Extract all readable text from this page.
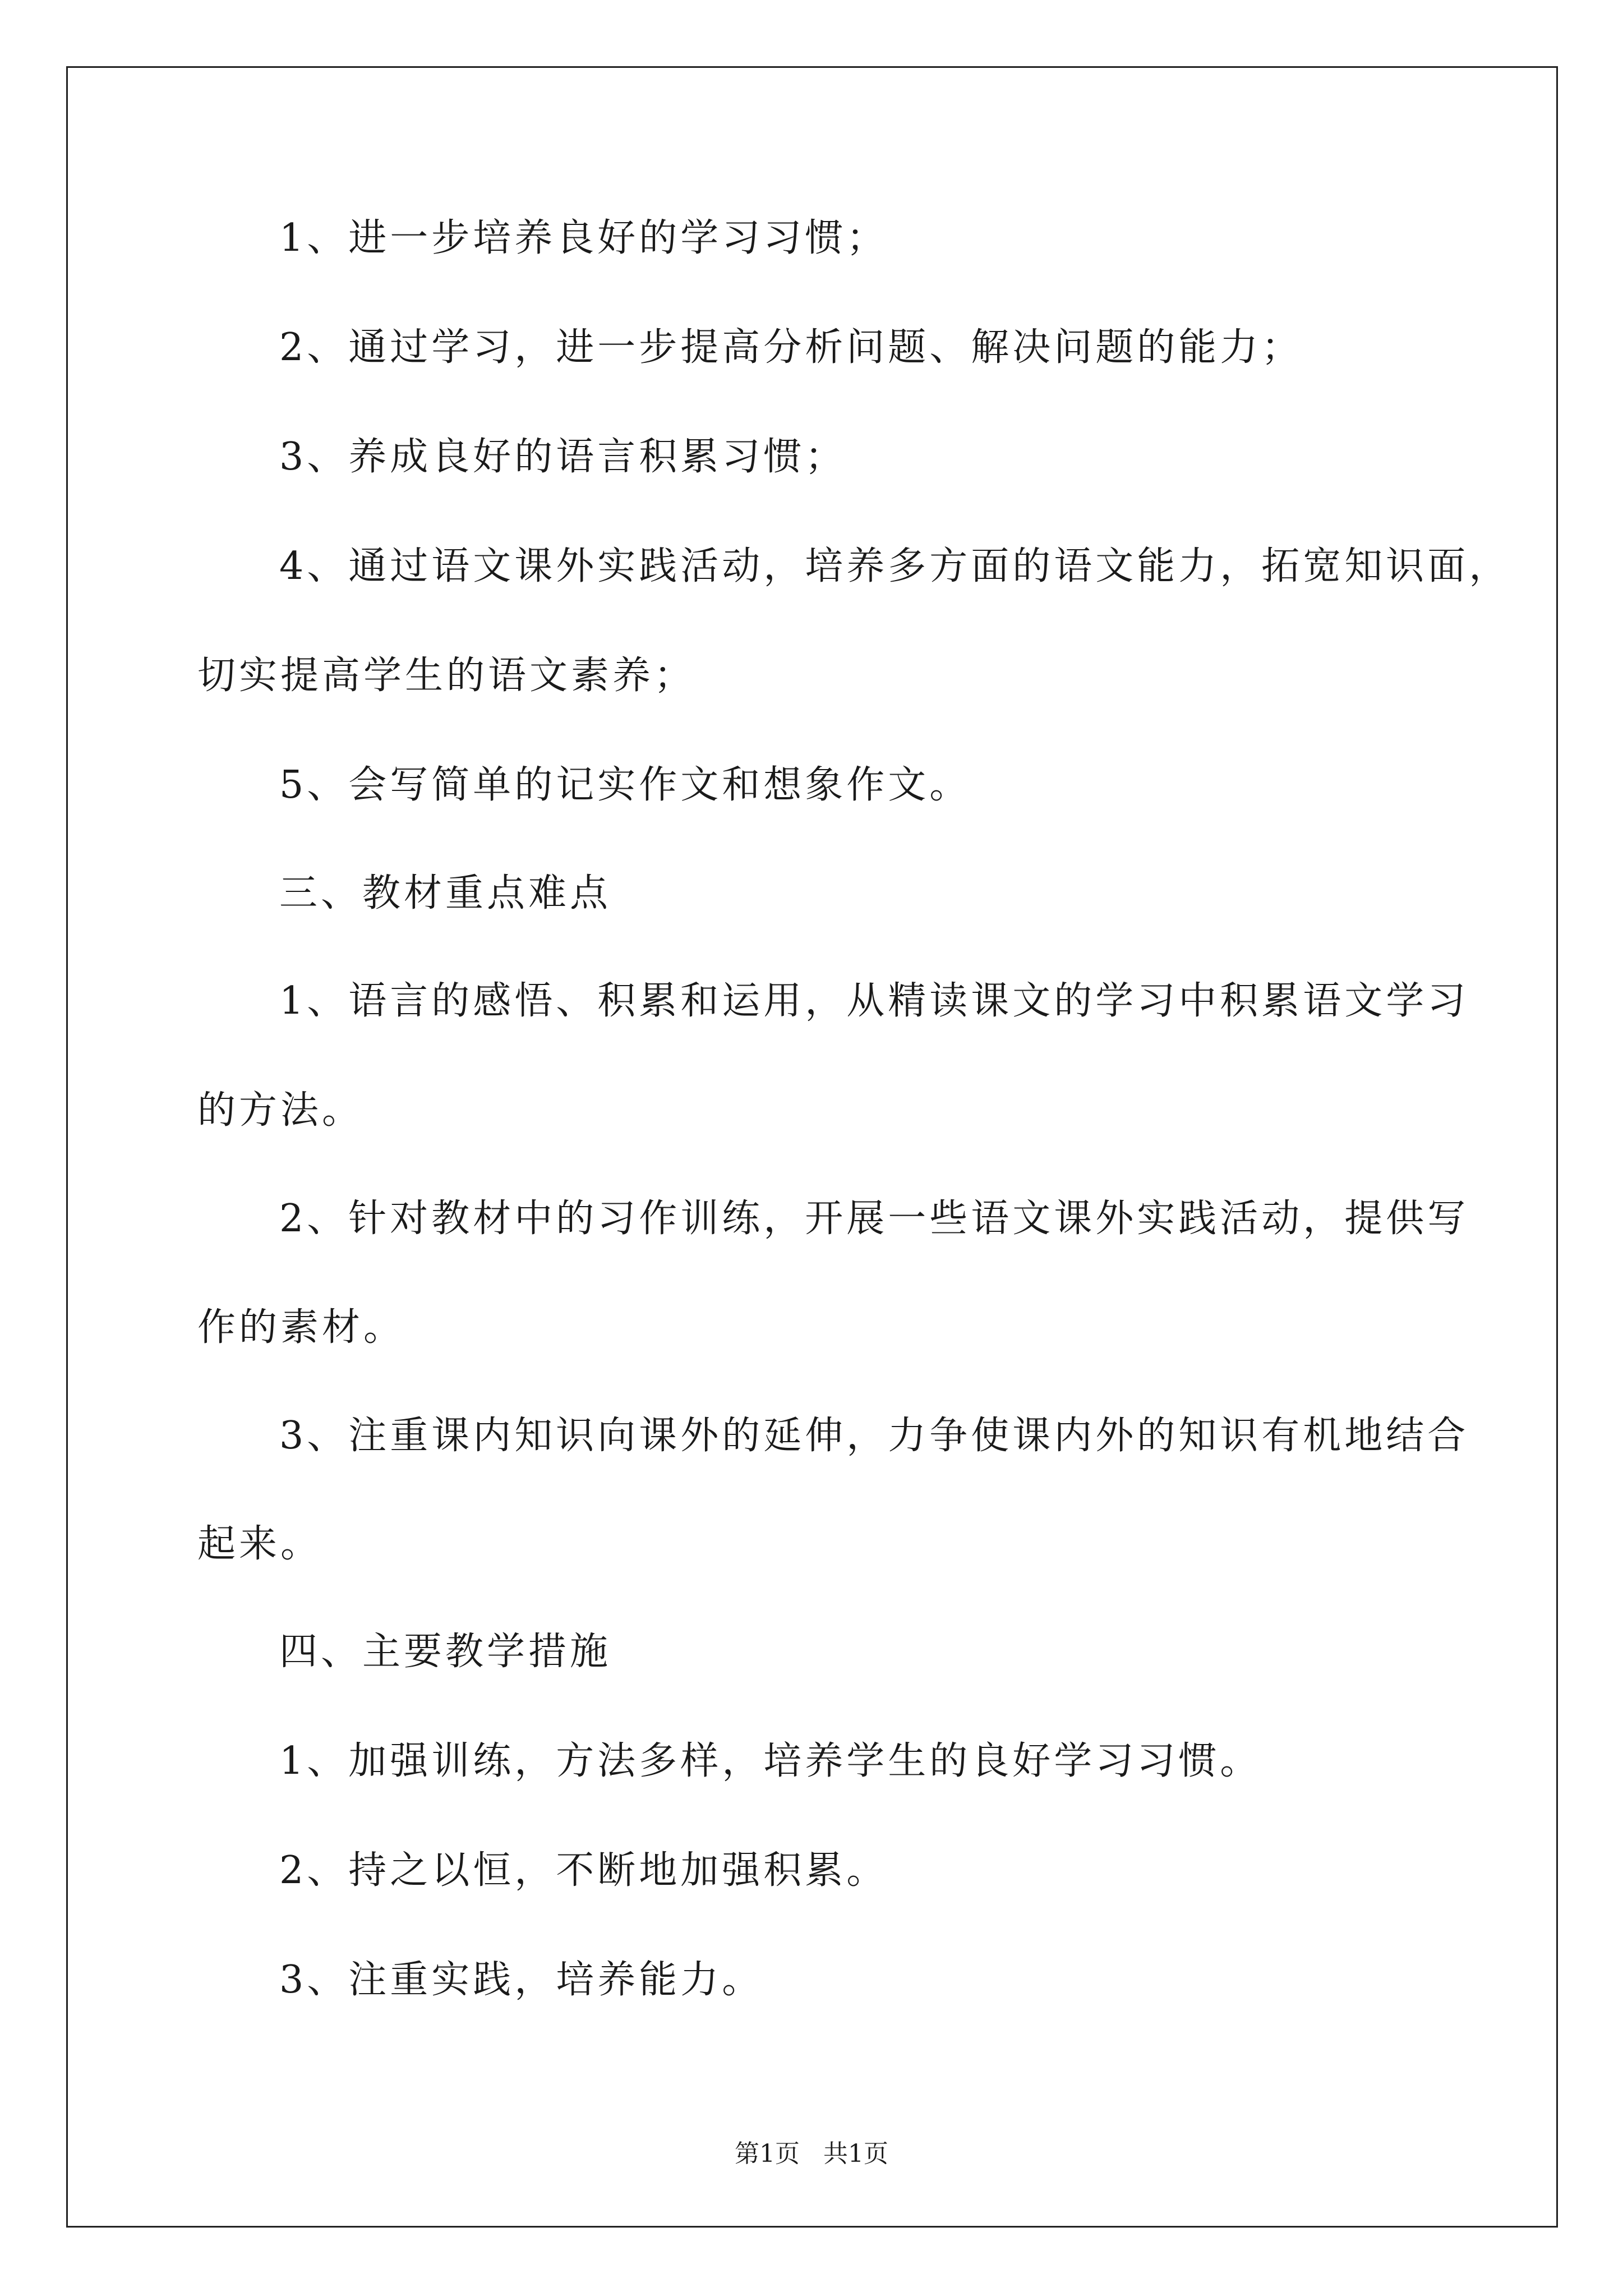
1、进一步培养良好的学习习惯；
2、通过学习，进一步提高分析问题、解决问题的能力；
3、养成良好的语言积累习惯；
4、通过语文课外实践活动，培养多方面的语文能力，拓宽知识面，
切实提高学生的语文素养；
5、会写简单的记实作文和想象作文。
三、教材重点难点
1、语言的感悟、积累和运用，从精读课文的学习中积累语文学习
的方法。
2、针对教材中的习作训练，开展一些语文课外实践活动，提供写
作的素材。
3、注重课内知识向课外的延伸，力争使课内外的知识有机地结合
起来。
四、主要教学措施
1、加强训练，方法多样，培养学生的良好学习习惯。
2、持之以恒，不断地加强积累。
3、注重实践，培养能力。
第1页   共1页
